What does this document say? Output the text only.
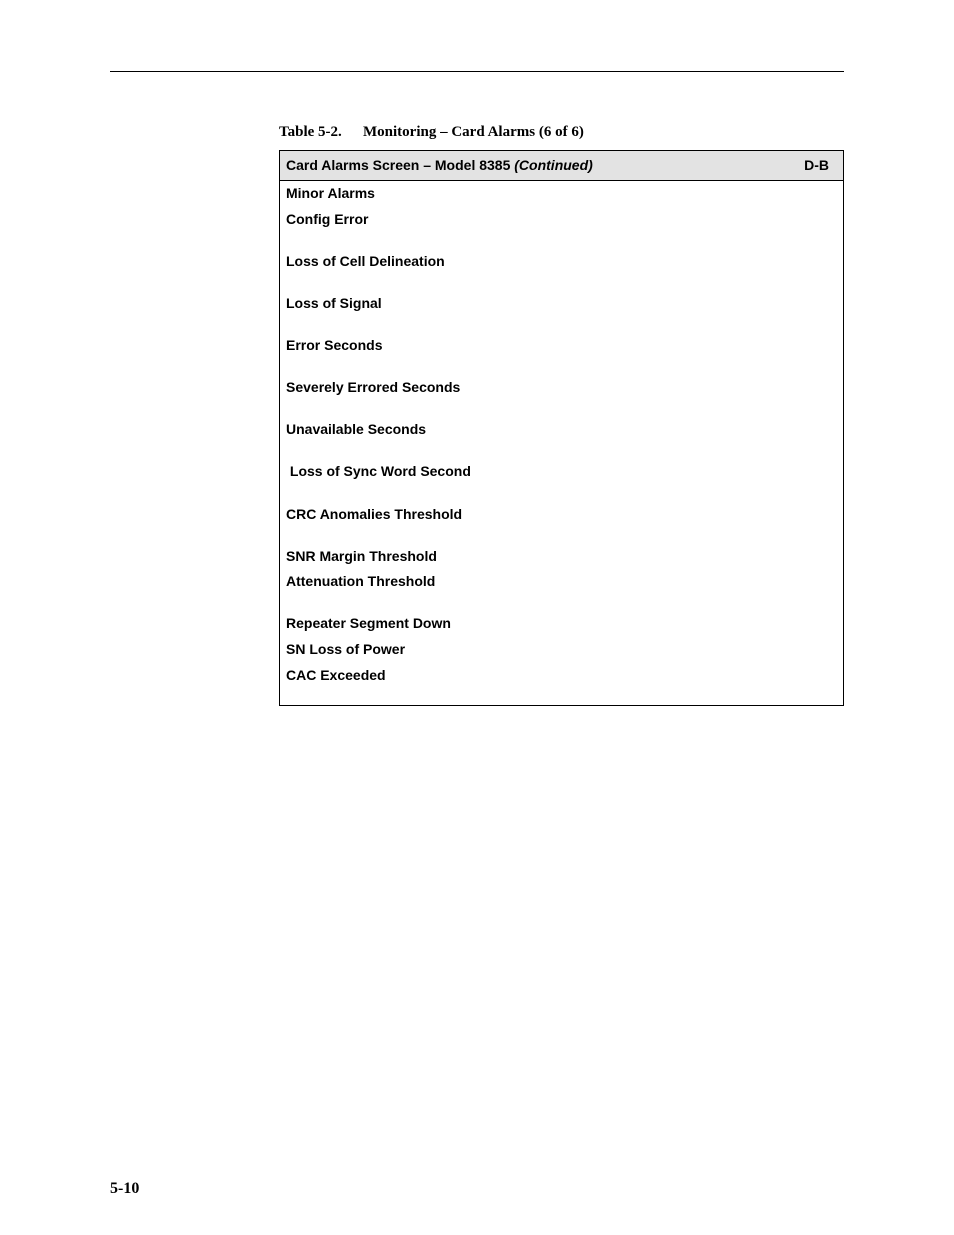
Table 5-2. Monitoring – Card Alarms (6 of 6)
Card Alarms Screen – Model 8385 (Continued)	D-B
Minor Alarms
Config Error
Loss of Cell Delineation
Loss of Signal
Error Seconds
Severely Errored Seconds
Unavailable Seconds
Loss of Sync Word Second
CRC Anomalies Threshold
SNR Margin Threshold
Attenuation Threshold
Repeater Segment Down
SN Loss of Power
CAC Exceeded
5-10
